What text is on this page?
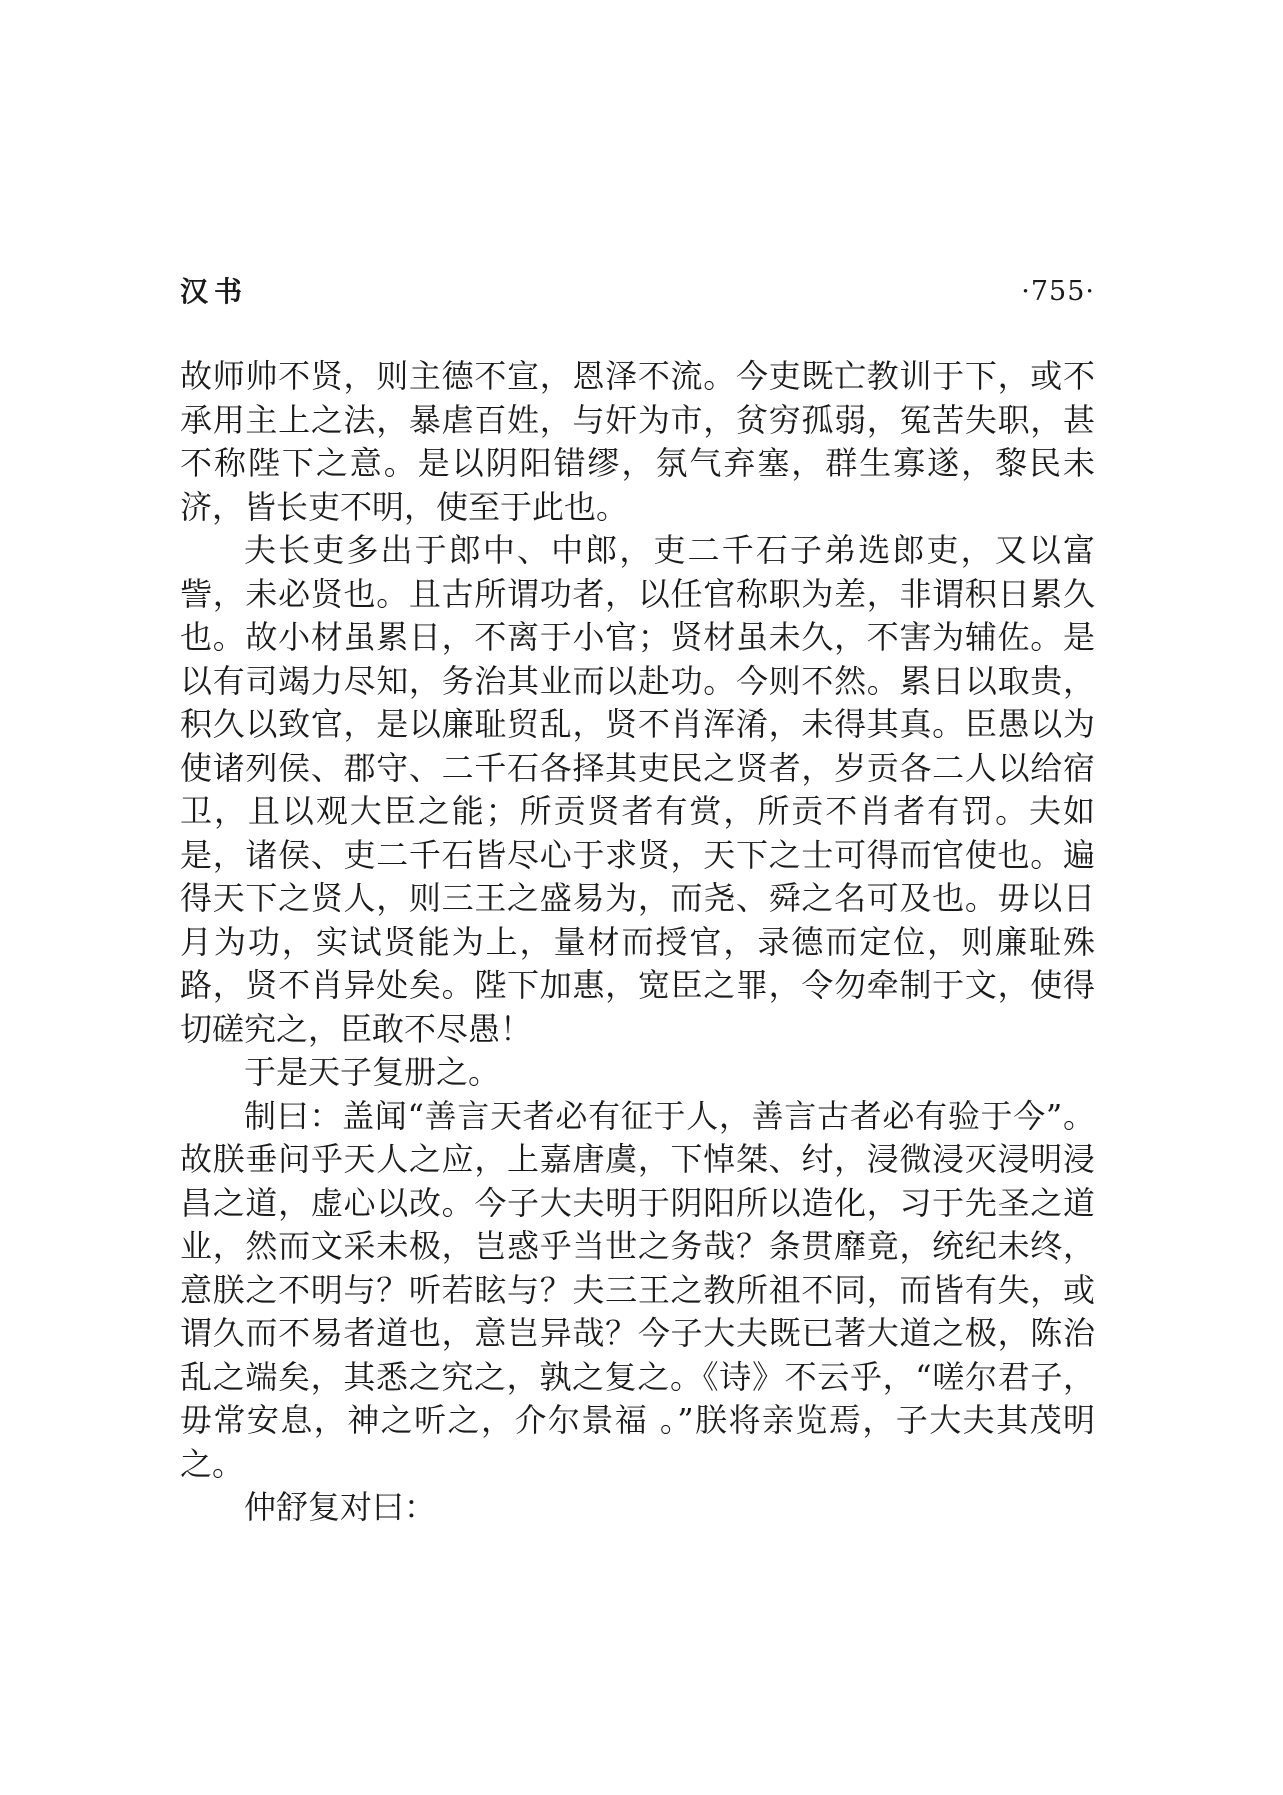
汉书	·755·

故师帅不贤，则主德不宣，恩泽不流。今吏既亡教训于下，或不承用主上之法，暴虐百姓，与奸为市，贫穷孤弱，冤苦失职，甚不称陛下之意。是以阴阳错缪，氛气弃塞，群生寡遂，黎民未济，皆长吏不明，使至于此也。

夫长吏多出于郎中、中郎，吏二千石子弟选郎吏，又以富訾，未必贤也。且古所谓功者，以任官称职为差，非谓积日累久也。故小材虽累日，不离于小官；贤材虽未久，不害为辅佐。是以有司竭力尽知，务治其业而以赴功。今则不然。累日以取贵，积久以致官，是以廉耻贸乱，贤不肖浑淆，未得其真。臣愚以为使诸列侯、郡守、二千石各择其吏民之贤者，岁贡各二人以给宿卫，且以观大臣之能；所贡贤者有赏，所贡不肖者有罚。夫如是，诸侯、吏二千石皆尽心于求贤，天下之士可得而官使也。遍得天下之贤人，则三王之盛易为，而尧、舜之名可及也。毋以日月为功，实试贤能为上，量材而授官，录德而定位，则廉耻殊路，贤不肖异处矣。陛下加惠，宽臣之罪，令勿牵制于文，使得切磋究之，臣敢不尽愚！

于是天子复册之。

制曰：盖闻“善言天者必有征于人，善言古者必有验于今”。故朕垂问乎天人之应，上嘉唐虞，下悼桀、纣，浸微浸灭浸明浸昌之道，虚心以改。今子大夫明于阴阳所以造化，习于先圣之道业，然而文采未极，岂惑乎当世之务哉？条贯靡竟，统纪未终，意朕之不明与？听若眩与？夫三王之教所祖不同，而皆有失，或谓久而不易者道也，意岂异哉？今子大夫既已著大道之极，陈治乱之端矣，其悉之究之，孰之复之。《诗》不云乎，“嗟尔君子，毋常安息，神之听之，介尔景福 。”朕将亲览焉，子大夫其茂明之。

仲舒复对曰：
